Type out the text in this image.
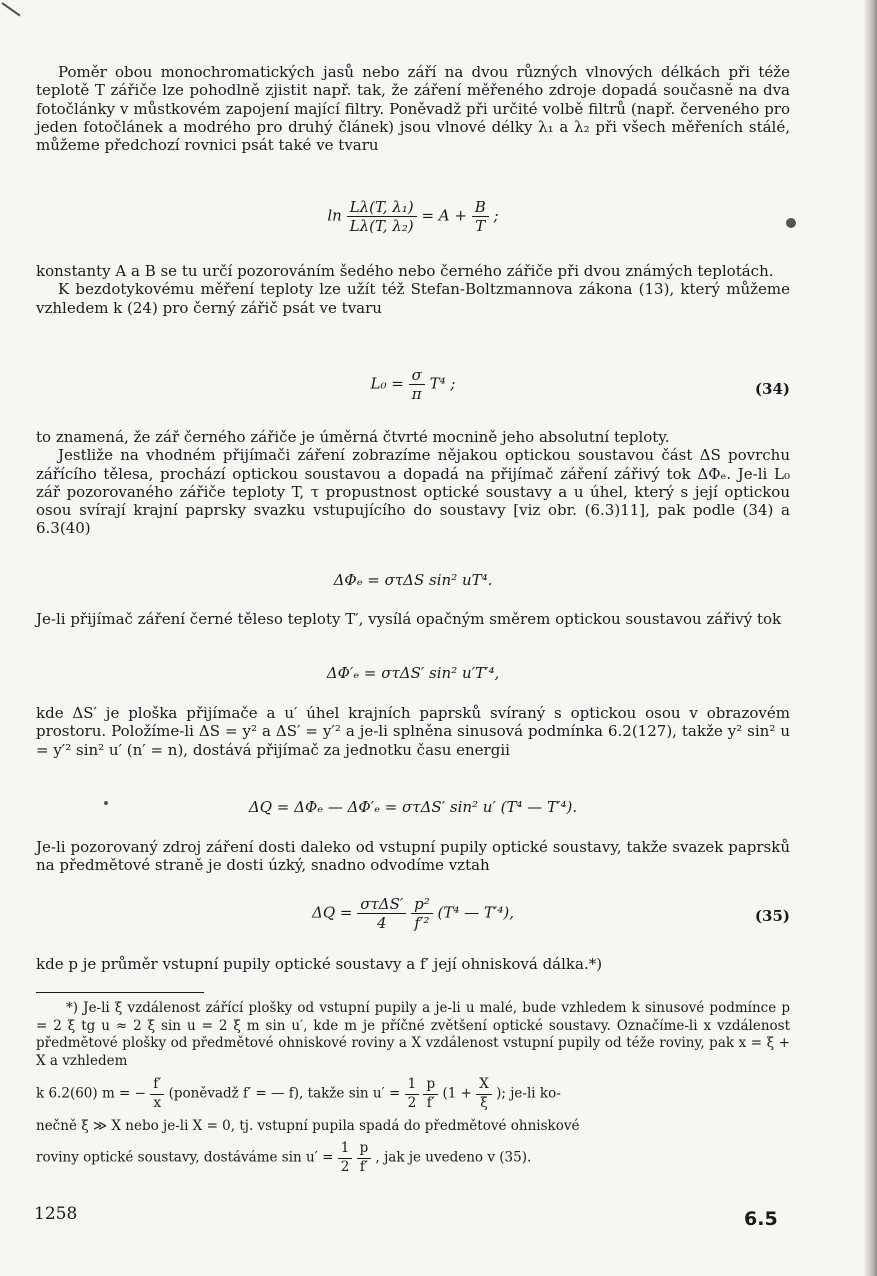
Poměr obou monochromatických jasů nebo září na dvou různých vlnových délkách při téže teplotě T zářiče lze pohodlně zjistit např. tak, že záření měřeného zdroje dopadá současně na dva fotočlánky v můstkovém zapojení mající filtry. Poněvadž při určité volbě filtrů (např. červeného pro jeden fotočlánek a modrého pro druhý článek) jsou vlnové délky λ₁ a λ₂ při všech měřeních stálé, můžeme předchozí rovnici psát také ve tvaru

$\ln \frac{\text{Lλ(T, λ₁)}}{\text{Lλ(T, λ₂)}} = A + \frac{B}{T}$ ;

konstanty A a B se tu určí pozorováním šedého nebo černého zářiče při dvou známých teplotách.

K bezdotykovému měření teploty lze užít též Stefan-Boltzmannova zákona (13), který můžeme vzhledem k (24) pro černý zářič psát ve tvaru

$L_0 = \frac{\sigma}{\pi} T^4$ ;	(34)

to znamená, že zář černého zářiče je úměrná čtvrté mocnině jeho absolutní teploty.

Jestliže na vhodném přijímači záření zobrazíme nějakou optickou soustavou část ΔS povrchu zářícího tělesa, prochází optickou soustavou a dopadá na přijímač záření zářivý tok ΔΦₑ. Je-li L₀ zář pozorovaného zářiče teploty T, τ propustnost optické soustavy a u úhel, který s její optickou osou svírají krajní paprsky svazku vstupujícího do soustavy [viz obr. (6.3)11], pak podle (34) a 6.3(40)

ΔΦₑ = στΔS sin² uT⁴.

Je-li přijímač záření černé těleso teploty T′, vysílá opačným směrem optickou soustavou zářivý tok

ΔΦ′ₑ = στΔS′ sin² u′T′⁴,

kde ΔS′ je ploška přijímače a u′ úhel krajních paprsků svíraný s optickou osou v obrazovém prostoru. Položíme-li ΔS = y² a ΔS′ = y′² a je-li splněna sinusová podmínka 6.2(127), takže y² sin² u = y′² sin² u′ (n′ = n), dostává přijímač za jednotku času energii

ΔQ = ΔΦₑ — ΔΦ′ₑ = στΔS′ sin² u′ (T⁴ — T′⁴).

Je-li pozorovaný zdroj záření dosti daleko od vstupní pupily optické soustavy, takže svazek paprsků na předmětové straně je dosti úzký, snadno odvodíme vztah

$\Delta Q = \frac{\text{στΔS′}}{4}$
$\frac{\text{p²}}{\text{f′²}} (T^4$ — T′⁴),	(35)

kde p je průměr vstupní pupily optické soustavy a f′ její ohnisková dálka.*)

*) Je-li ξ vzdálenost zářící plošky od vstupní pupily a je-li u malé, bude vzhledem k sinusové podmínce p = 2 ξ tg u ≈ 2 ξ sin u = 2 ξ m sin u′, kde m je příčné zvětšení optické soustavy. Označíme-li x vzdálenost předmětové plošky od předmětové ohniskové roviny a X vzdálenost vstupní pupily od téže roviny, pak x = ξ + X a vzhledem

k 6.2(60) m = − $\frac{f'}{x}$ (poněvadž f′ = — f), takže $\sin u' = \frac{1}{2}$
$\frac{p}{f'} (1 + \frac{X}{\xi}$ ); je-li ko-
nečně ξ ≫ X nebo je-li X = 0, tj. vstupní pupila spadá do předmětové ohniskové
roviny optické soustavy, dostáváme $\sin u' = \frac{1}{2}$
$\frac{p}{f'}$ , jak je uvedeno v (35).
1258	6.5
